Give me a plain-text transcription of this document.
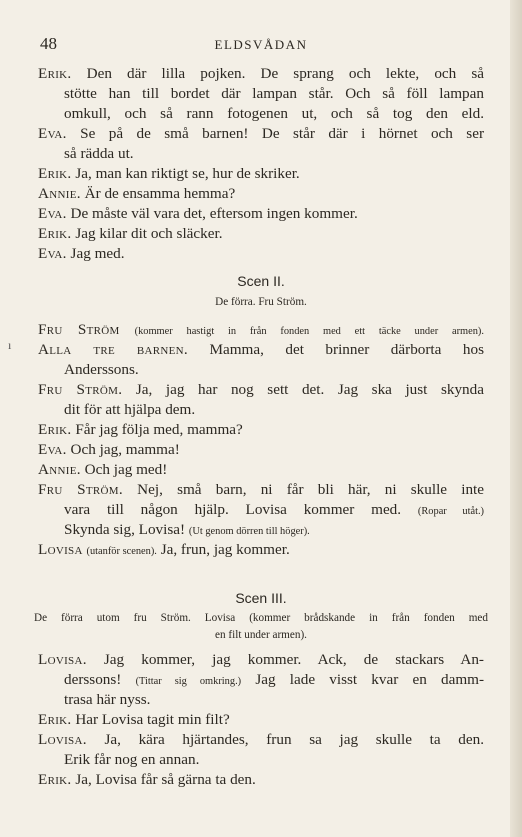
48	ELDSVÅDAN
ı
Erik. Den där lilla pojken. De sprang och lekte, och så
stötte han till bordet där lampan står. Och så föll lampan
omkull, och så rann fotogenen ut, och så tog den eld.
Eva. Se på de små barnen! De står där i hörnet och ser
så rädda ut.
Erik. Ja, man kan riktigt se, hur de skriker.
Annie. Är de ensamma hemma?
Eva. De måste väl vara det, eftersom ingen kommer.
Erik. Jag kilar dit och släcker.
Eva. Jag med.
Scen II.
De förra. Fru Ström.
Fru Ström (kommer hastigt in från fonden med ett täcke under armen).
Alla tre barnen. Mamma, det brinner därborta hos
Anderssons.
Fru Ström. Ja, jag har nog sett det. Jag ska just skynda
dit för att hjälpa dem.
Erik. Får jag följa med, mamma?
Eva. Och jag, mamma!
Annie. Och jag med!
Fru Ström. Nej, små barn, ni får bli här, ni skulle inte
vara till någon hjälp. Lovisa kommer med. (Ropar utåt.)
Skynda sig, Lovisa! (Ut genom dörren till höger).
Lovisa (utanför scenen). Ja, frun, jag kommer.
Scen III.
De förra utom fru Ström. Lovisa (kommer brådskande in från fonden med
en filt under armen).
Lovisa. Jag kommer, jag kommer. Ack, de stackars An-
derssons! (Tittar sig omkring.) Jag lade visst kvar en damm-
trasa här nyss.
Erik. Har Lovisa tagit min filt?
Lovisa. Ja, kära hjärtandes, frun sa jag skulle ta den.
Erik får nog en annan.
Erik. Ja, Lovisa får så gärna ta den.
